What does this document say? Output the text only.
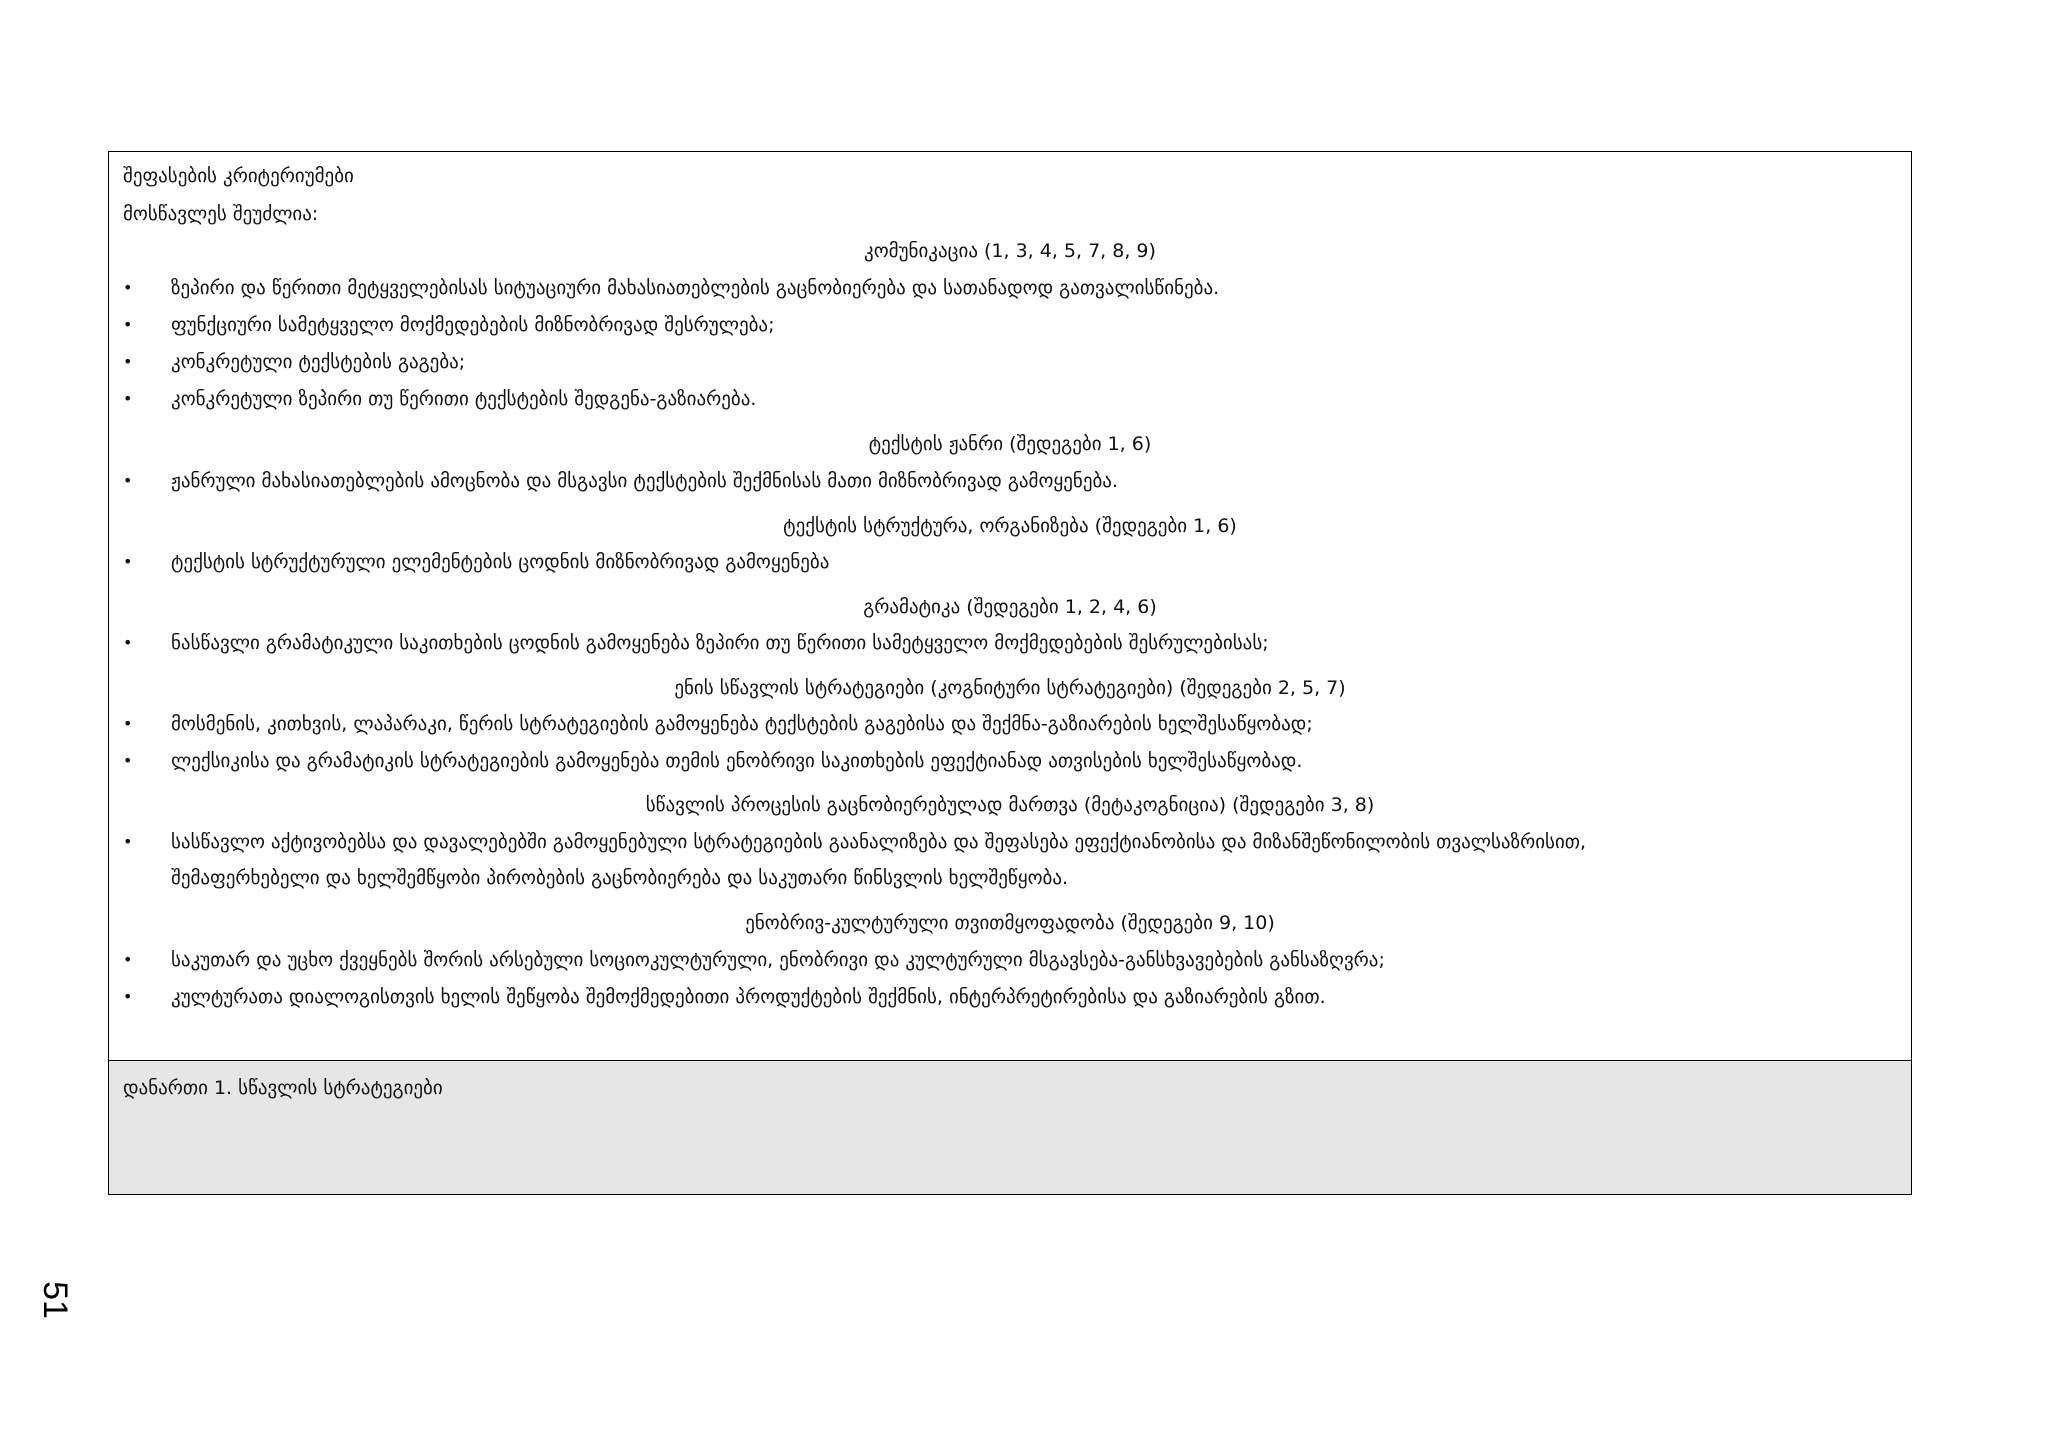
შეფასების კრიტერიუმები
მოსწავლეს შეუძლია:
კომუნიკაცია (1, 3, 4, 5, 7, 8, 9)
• ზეპირი და წერითი მეტყველებისას სიტუაციური მახასიათებლების გაცნობიერება და სათანადოდ გათვალისწინება.
• ფუნქციური სამეტყველო მოქმედებების მიზნობრივად შესრულება;
• კონკრეტული ტექსტების გაგება;
• კონკრეტული ზეპირი თუ წერითი ტექსტების შედგენა-გაზიარება.
ტექსტის ჟანრი (შედეგები 1, 6)
• ჟანრული მახასიათებლების ამოცნობა და მსგავსი ტექსტების შექმნისას მათი მიზნობრივად გამოყენება.
ტექსტის სტრუქტურა, ორგანიზება (შედეგები 1, 6)
• ტექსტის სტრუქტურული ელემენტების ცოდნის მიზნობრივად გამოყენება
გრამატიკა (შედეგები 1, 2, 4, 6)
• ნასწავლი გრამატიკული საკითხების ცოდნის გამოყენება ზეპირი თუ წერითი სამეტყველო მოქმედებების შესრულებისას;
ენის სწავლის სტრატეგიები (კოგნიტური სტრატეგიები) (შედეგები 2, 5, 7)
• მოსმენის, კითხვის, ლაპარაკი, წერის სტრატეგიების გამოყენება ტექსტების გაგებისა და შექმნა-გაზიარების ხელშესაწყობად;
• ლექსიკისა და გრამატიკის სტრატეგიების გამოყენება თემის ენობრივი საკითხების ეფექტიანად ათვისების ხელშესაწყობად.
სწავლის პროცესის გაცნობიერებულად მართვა (მეტაკოგნიცია) (შედეგები 3, 8)
• სასწავლო აქტივობებსა და დავალებებში გამოყენებული სტრატეგიების გაანალიზება და შეფასება ეფექტიანობისა და მიზანშეწონილობის თვალსაზრისით,
შემაფერხებელი და ხელშემწყობი პირობების გაცნობიერება და საკუთარი წინსვლის ხელშეწყობა.
ენობრივ-კულტურული თვითმყოფადობა (შედეგები 9, 10)
• საკუთარ და უცხო ქვეყნებს შორის არსებული სოციოკულტურული, ენობრივი და კულტურული მსგავსება-განსხვავებების განსაზღვრა;
• კულტურათა დიალოგისთვის ხელის შეწყობა შემოქმედებითი პროდუქტების შექმნის, ინტერპრეტირებისა და გაზიარების გზით.
დანართი 1. სწავლის სტრატეგიები
51
